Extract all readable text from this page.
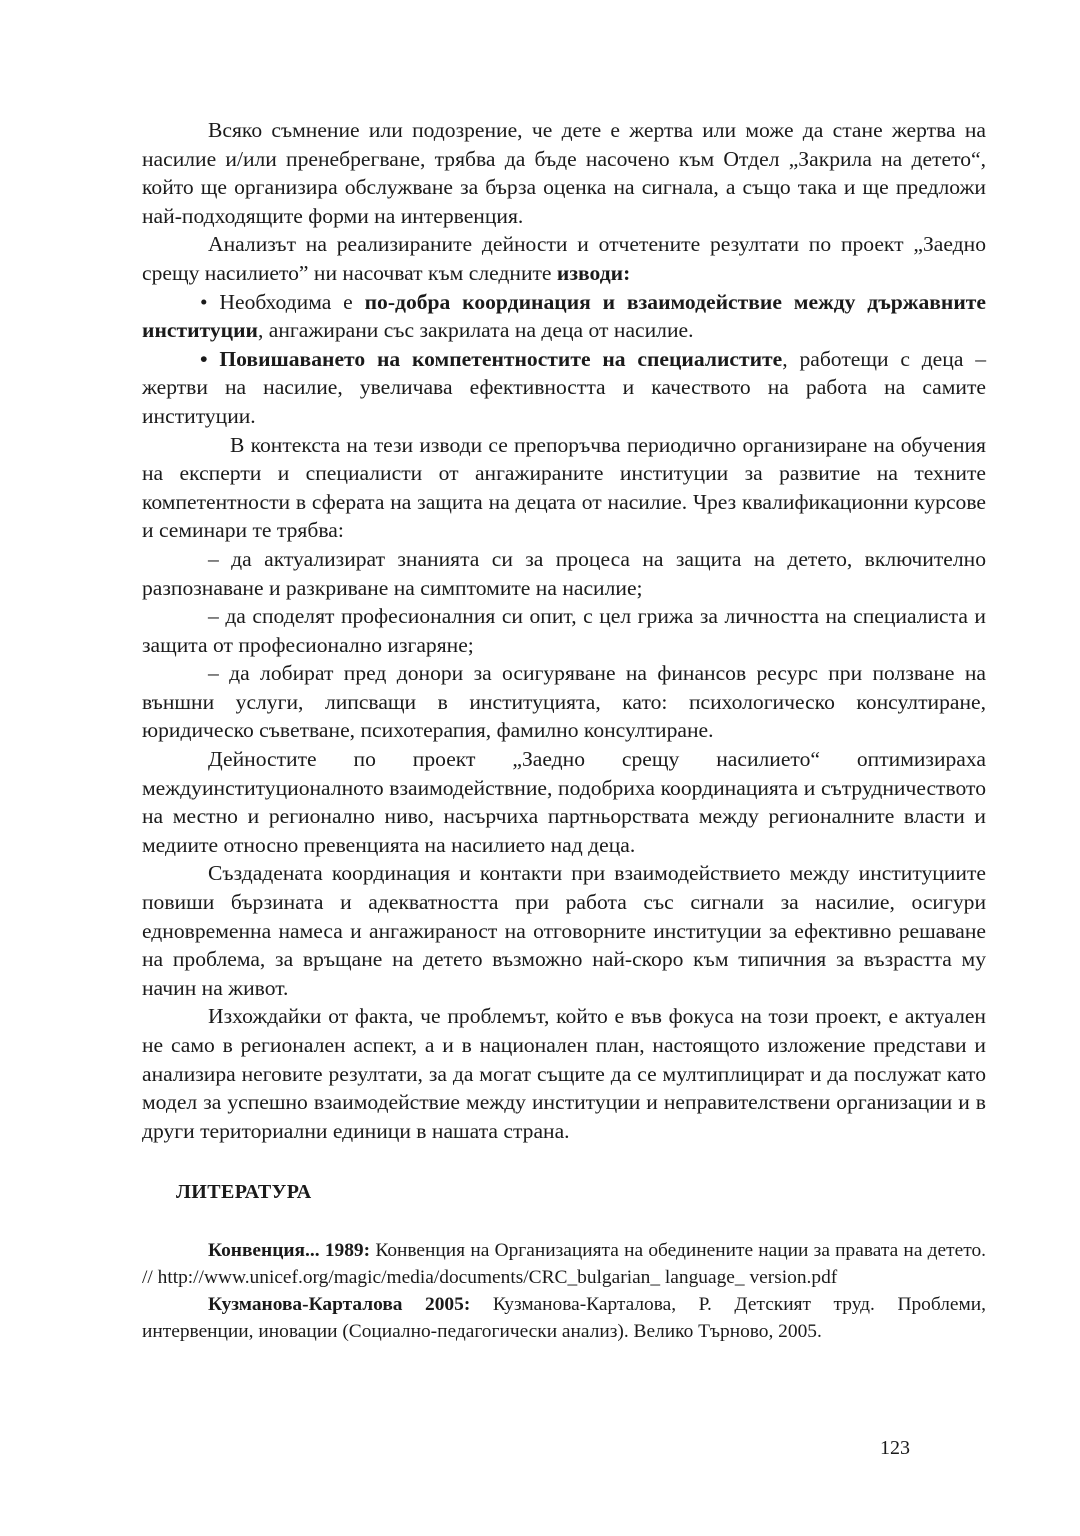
Всяко съмнение или подозрение, че дете е жертва или може да стане жертва на насилие и/или пренебрегване, трябва да бъде насочено към Отдел „Закрила на детето“, който ще организира обслужване за бърза оценка на сигнала, а също така и ще предложи най-подходящите форми на интервенция.

Анализът на реализираните дейности и отчетените резултати по проект „Заедно срещу насилието” ни насочват към следните изводи:

• Необходима е по-добра координация и взаимодействие между държавните институции, ангажирани със закрилата на деца от насилие.

• Повишаването на компетентностите на специалистите, работещи с деца – жертви на насилие, увеличава ефективността и качеството на работа на самите институции.

В контекста на тези изводи се препоръчва периодично организиране на обучения на експерти и специалисти от ангажираните институции за развитие на техните компетентности в сферата на защита на децата от насилие. Чрез квалификационни курсове и семинари те трябва:

– да актуализират знанията си за процеса на защита на детето, включително разпознаване и разкриване на симптомите на насилие;

– да споделят професионалния си опит, с цел грижа за личността на специалиста и защита от професионално изгаряне;

– да лобират пред донори за осигуряване на финансов ресурс при ползване на външни услуги, липсващи в институцията, като: психологическо консултиране, юридическо съветване, психотерапия, фамилно консултиране.

Дейностите по проект „Заедно срещу насилието“ оптимизираха междуинституционалното взаимодействние, подобриха координацията и сътрудничеството на местно и регионално ниво, насърчиха партньорствата между регионалните власти и медиите относно превенцията на насилието над деца.

Създадената координация и контакти при взаимодействието между институциите повиши бързината и адекватността при работа със сигнали за насилие, осигури едновременна намеса и ангажираност на отговорните институции за ефективно решаване на проблема, за връщане на детето възможно най-скоро към типичния за възрастта му начин на живот.

Изхождайки от факта, че проблемът, който е във фокуса на този проект, е актуален не само в регионален аспект, а и в национален план, настоящото изложение представи и анализира неговите резултати, за да могат същите да се мултиплицират и да послужат като модел за успешно взаимодействие между институции и неправителствени организации и в други териториални единици в нашата страна.

ЛИТЕРАТУРА

Конвенция... 1989: Конвенция на Организацията на обединените нации за правата на детето. // http://www.unicef.org/magic/media/documents/CRC_bulgarian_ language_ version.pdf

Кузманова-Карталова 2005: Кузманова-Карталова, Р. Детският труд. Проблеми, интервенции, иновации (Социално-педагогически анализ). Велико Търново, 2005.

123
